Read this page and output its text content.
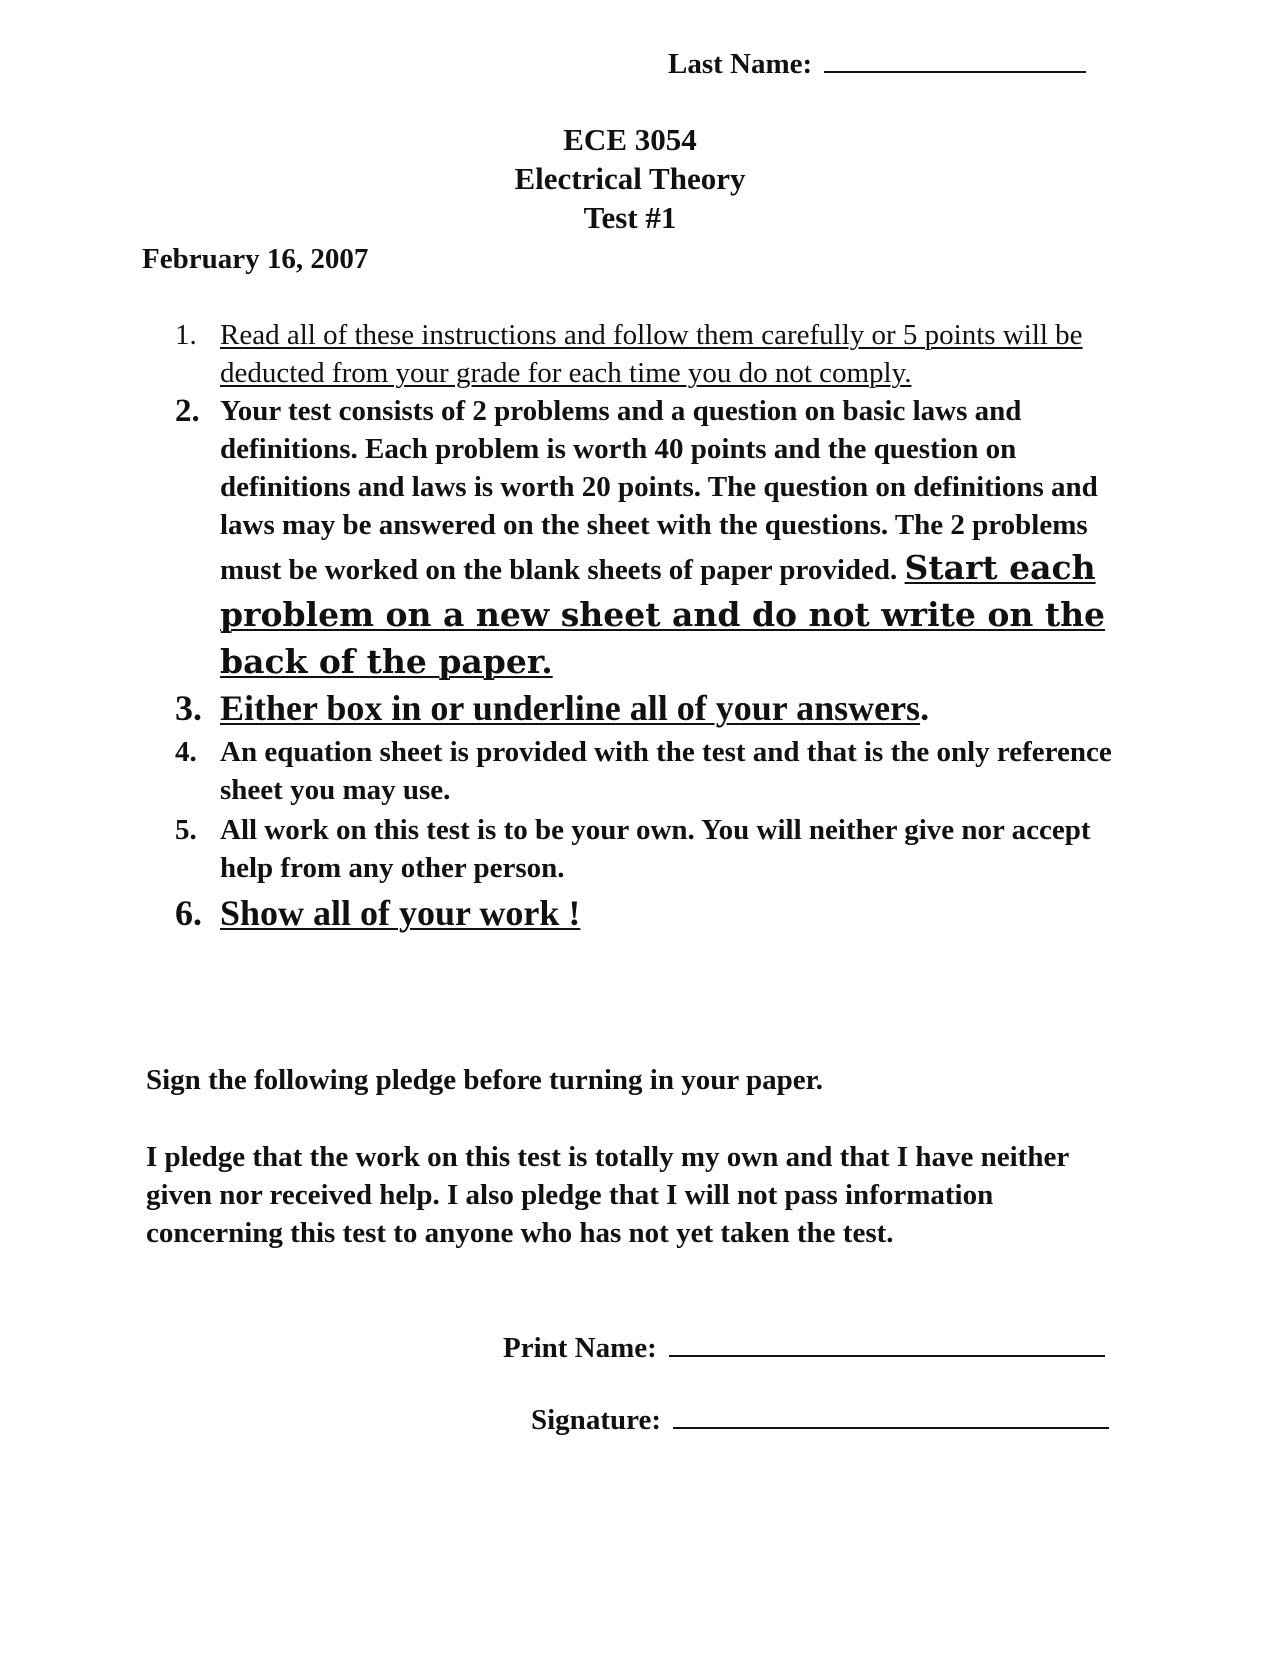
Last Name:
ECE 3054
Electrical Theory
Test #1
February 16, 2007
1. Read all of these instructions and follow them carefully or 5 points will be deducted from your grade for each time you do not comply.
2. Your test consists of 2 problems and a question on basic laws and definitions. Each problem is worth 40 points and the question on definitions and laws is worth 20 points. The question on definitions and laws may be answered on the sheet with the questions. The 2 problems must be worked on the blank sheets of paper provided. Start each problem on a new sheet and do not write on the back of the paper.
3. Either box in or underline all of your answers.
4. An equation sheet is provided with the test and that is the only reference sheet you may use.
5. All work on this test is to be your own. You will neither give nor accept help from any other person.
6. Show all of your work !
Sign the following pledge before turning in your paper.
I pledge that the work on this test is totally my own and that I have neither given nor received help. I also pledge that I will not pass information concerning this test to anyone who has not yet taken the test.
Print Name:
Signature:
